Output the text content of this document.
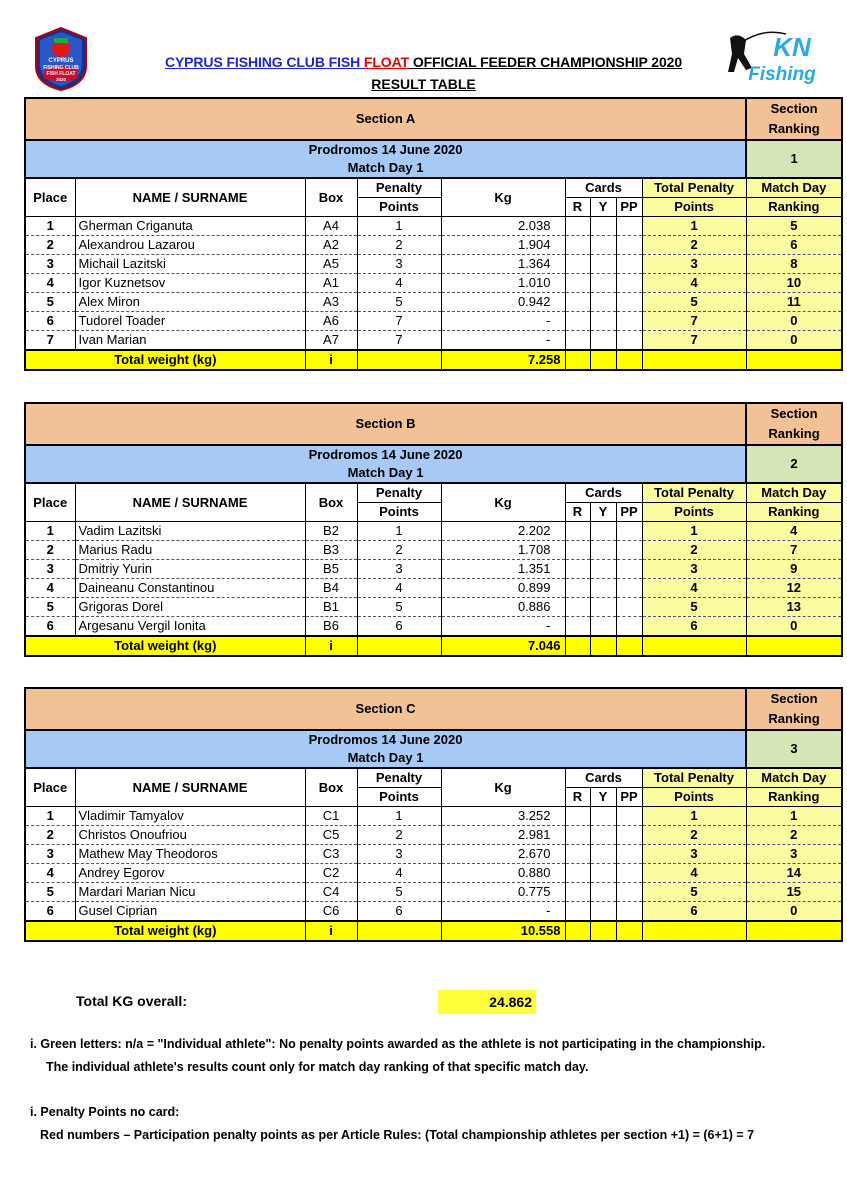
CYPRUS
FISHING CLUB
FISH FLOAT
2020
KN
Fishing
CYPRUS FISHING CLUB FISH FLOAT OFFICIAL FEEDER CHAMPIONSHIP 2020
RESULT TABLE
Section A									Section
Ranking
Prodromos 14 June 2020
Match Day 1									1
Place	NAME / SURNAME	Box	Penalty	Kg	Cards			Total Penalty	Match Day
			Points		R	Y	PP	Points	Ranking
1	Gherman Criganuta	A4	1	2.038				1	5
2	Alexandrou Lazarou	A2	2	1.904				2	6
3	Michail Lazitski	A5	3	1.364				3	8
4	Igor Kuznetsov	A1	4	1.010				4	10
5	Alex Miron	A3	5	0.942				5	11
6	Tudorel Toader	A6	7	-				7	0
7	Ivan Marian	A7	7	-				7	0
Total weight (kg)		i		7.258					
Section B									Section
Ranking
Prodromos 14 June 2020
Match Day 1									2
Place	NAME / SURNAME	Box	Penalty	Kg	Cards			Total Penalty	Match Day
			Points		R	Y	PP	Points	Ranking
1	Vadim Lazitski	B2	1	2.202				1	4
2	Marius Radu	B3	2	1.708				2	7
3	Dmitriy Yurin	B5	3	1.351				3	9
4	Daineanu Constantinou	B4	4	0.899				4	12
5	Grigoras Dorel	B1	5	0.886				5	13
6	Argesanu Vergil Ionita	B6	6	-				6	0
Total weight (kg)		i		7.046					
Section C									Section
Ranking
Prodromos 14 June 2020
Match Day 1									3
Place	NAME / SURNAME	Box	Penalty	Kg	Cards			Total Penalty	Match Day
			Points		R	Y	PP	Points	Ranking
1	Vladimir Tamyalov	C1	1	3.252				1	1
2	Christos Onoufriou	C5	2	2.981				2	2
3	Mathew May Theodoros	C3	3	2.670				3	3
4	Andrey Egorov	C2	4	0.880				4	14
5	Mardari Marian Nicu	C4	5	0.775				5	15
6	Gusel Ciprian	C6	6	-				6	0
Total weight (kg)		i		10.558					
Total KG overall:	24.862
i. Green letters: n/a = "Individual athlete": No penalty points awarded as the athlete is not participating in the championship.
The individual athlete's results count only for match day ranking of that specific match day.
i. Penalty Points no card:
Red numbers – Participation penalty points as per Article Rules: (Total championship athletes per section +1) = (6+1) = 7
